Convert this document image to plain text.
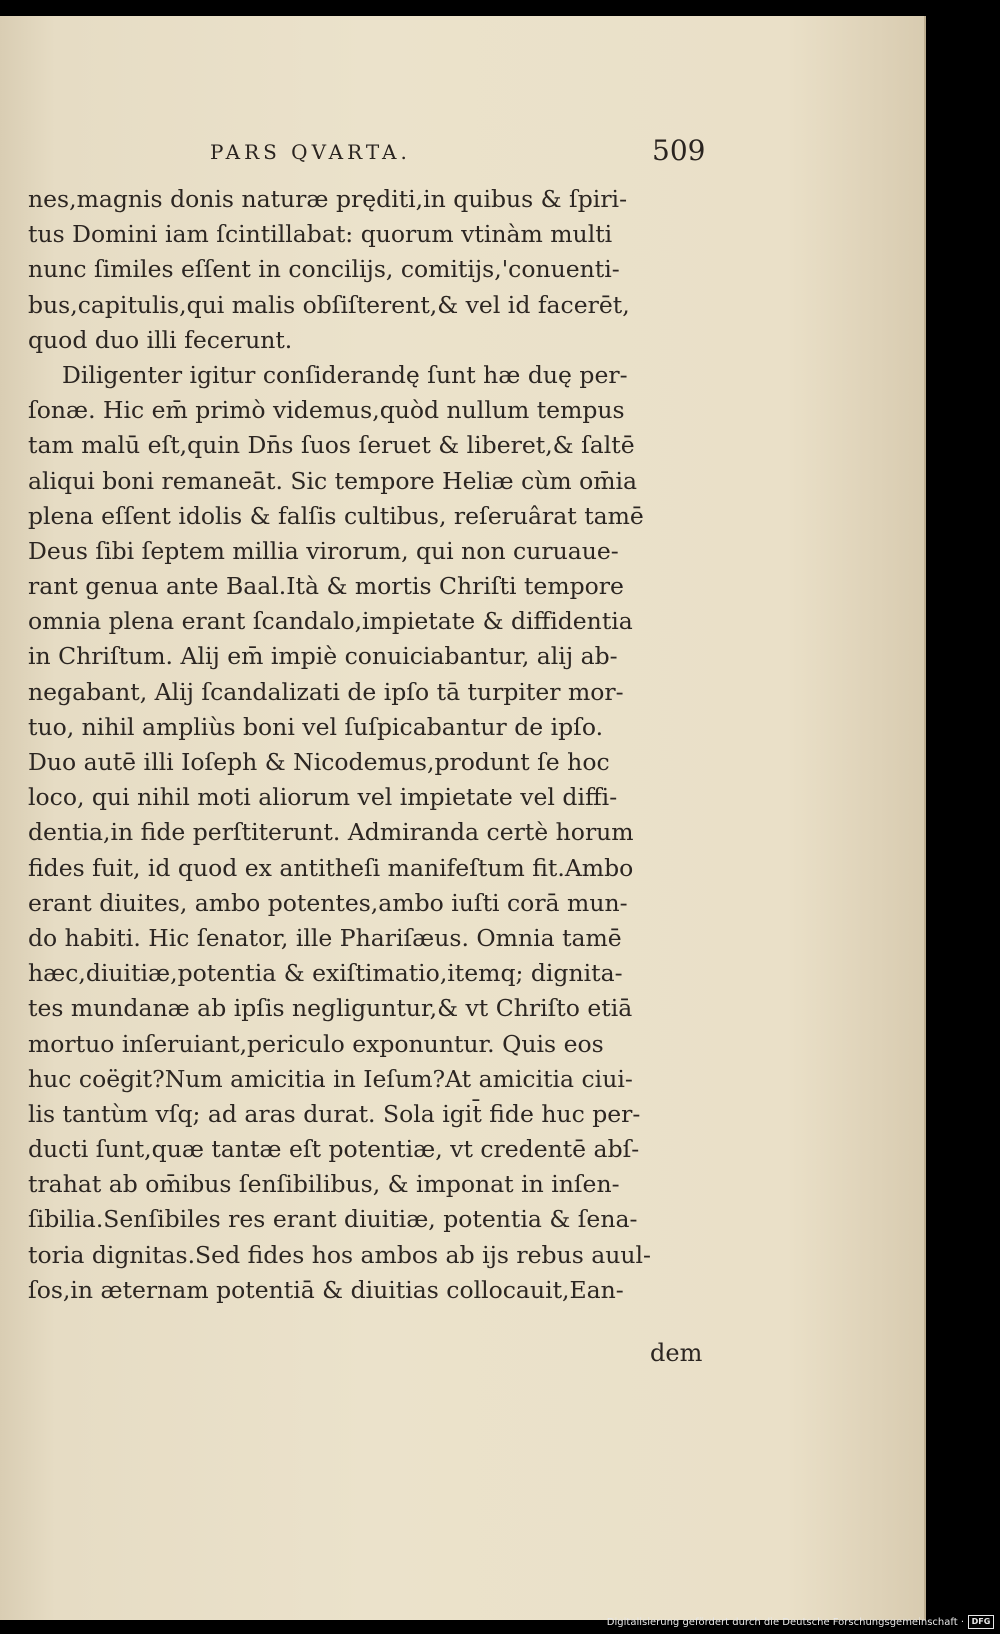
PARS QVARTA.	509
nes,magnis donis naturæ pręditi,in quibus & ſpiri-
tus Domini iam ſcintillabat: quorum vtinàm multi
nunc ſimiles eſſent in concilijs, comitijs,'conuenti-
bus,capitulis,qui malis obſiſterent,& vel id facerēt,
quod duo illi fecerunt.
Diligenter igitur conſiderandę ſunt hæ duę per-
ſonæ. Hic em̄ primò videmus,quòd nullum tempus
tam malū eſt,quin Dn̄s ſuos ſeruet & liberet,& ſaltē
aliqui boni remaneāt. Sic tempore Heliæ cùm om̄ia
plena eſſent idolis & falſis cultibus, reſeruârat tamē
Deus ſibi ſeptem millia virorum, qui non curuaue-
rant genua ante Baal.Ità & mortis Chriſti tempore
omnia plena erant ſcandalo,impietate & diffidentia
in Chriſtum. Alij em̄ impiè conuiciabantur, alij ab-
negabant, Alij ſcandalizati de ipſo tā turpiter mor-
tuo, nihil ampliùs boni vel ſuſpicabantur de ipſo.
Duo autē illi Ioſeph & Nicodemus,produnt ſe hoc
loco, qui nihil moti aliorum vel impietate vel diffi-
dentia,in fide perſtiterunt. Admiranda certè horum
fides fuit, id quod ex antitheſi manifeſtum fit.Ambo
erant diuites, ambo potentes,ambo iuſti corā mun-
do habiti. Hic ſenator, ille Phariſæus. Omnia tamē
hæc,diuitiæ,potentia & exiſtimatio,itemq; dignita-
tes mundanæ ab ipſis negliguntur,& vt Chriſto etiā
mortuo inſeruiant,periculo exponuntur. Quis eos
huc coëgit?Num amicitia in Ieſum?At amicitia ciui-
lis tantùm vſq; ad aras durat. Sola igit̄ fide huc per-
ducti ſunt,quæ tantæ eſt potentiæ, vt credentē abſ-
trahat ab om̄ibus ſenſibilibus, & imponat in inſen-
ſibilia.Senſibiles res erant diuitiæ, potentia & ſena-
toria dignitas.Sed fides hos ambos ab ijs rebus auul-
ſos,in æternam potentiā & diuitias collocauit,Ean-
dem
Digitalisierung gefördert durch die Deutsche Forschungsgemeinschaft · DFG
